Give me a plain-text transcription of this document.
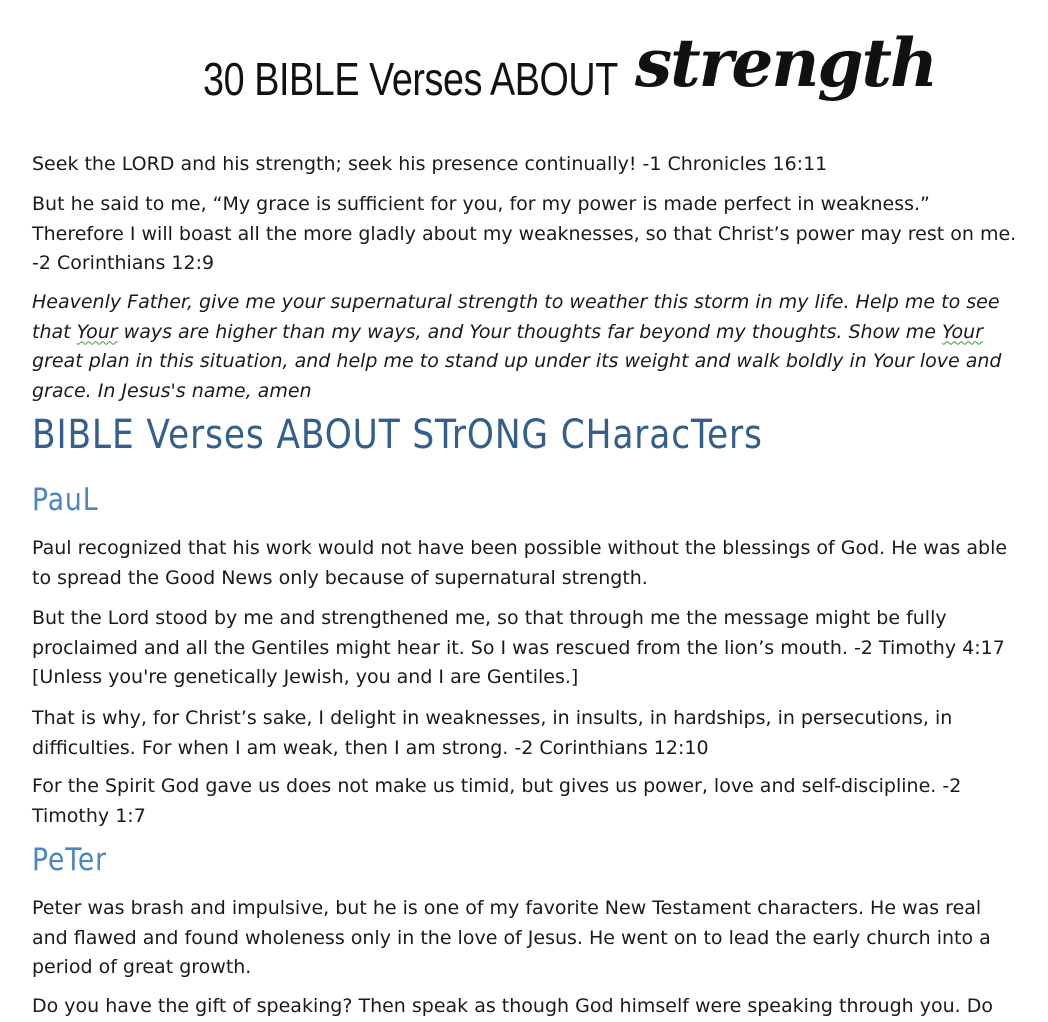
30 BIBLE Verses ABOUT strength

Seek the LORD and his strength; seek his presence continually! -1 Chronicles 16:11

But he said to me, “My grace is sufficient for you, for my power is made perfect in weakness.” Therefore I will boast all the more gladly about my weaknesses, so that Christ’s power may rest on me. -2 Corinthians 12:9

Heavenly Father, give me your supernatural strength to weather this storm in my life. Help me to see that Your ways are higher than my ways, and Your thoughts far beyond my thoughts. Show me Your great plan in this situation, and help me to stand up under its weight and walk boldly in Your love and grace. In Jesus's name, amen

BIBLE Verses ABOUT STrONG CHaracTers
PauL

Paul recognized that his work would not have been possible without the blessings of God. He was able to spread the Good News only because of supernatural strength.

But the Lord stood by me and strengthened me, so that through me the message might be fully proclaimed and all the Gentiles might hear it. So I was rescued from the lion’s mouth. -2 Timothy 4:17 [Unless you're genetically Jewish, you and I are Gentiles.]

That is why, for Christ’s sake, I delight in weaknesses, in insults, in hardships, in persecutions, in difficulties. For when I am weak, then I am strong. -2 Corinthians 12:10

For the Spirit God gave us does not make us timid, but gives us power, love and self-discipline. -2 Timothy 1:7

PeTer

Peter was brash and impulsive, but he is one of my favorite New Testament characters. He was real and flawed and found wholeness only in the love of Jesus. He went on to lead the early church into a period of great growth.

Do you have the gift of speaking? Then speak as though God himself were speaking through you. Do
